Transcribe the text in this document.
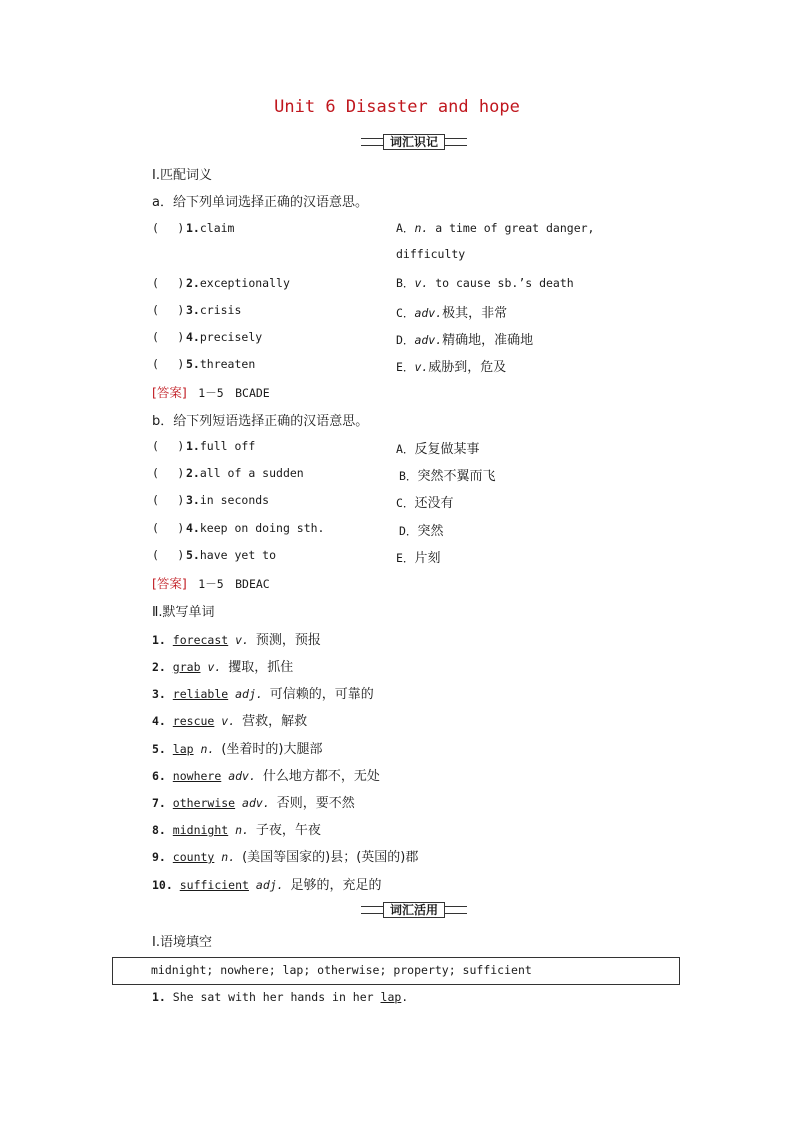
Unit 6 Disaster and hope
词汇识记
Ⅰ.匹配词义
a．给下列单词选择正确的汉语意思。
(　 ) 1.claim	A．n. a time of great danger,
difficulty
(　 ) 2.exceptionally	B．v. to cause sb.’s death
(　 ) 3.crisis	C．adv.极其，非常
(　 ) 4.precisely	D．adv.精确地，准确地
(　 ) 5.threaten	E．v.威胁到，危及
[答案]　 1－5　BCADE
b．给下列短语选择正确的汉语意思。
(　 ) 1.full off	A．反复做某事
(　 ) 2.all of a sudden	B．突然不翼而飞
(　 ) 3.in seconds	C．还没有
(　 ) 4.keep on doing sth.	D．突然
(　 ) 5.have yet to	E．片刻
[答案]　 1－5　BDEAC
Ⅱ.默写单词
1. forecast v. 预测，预报
2. grab v. 攫取，抓住
3. reliable adj. 可信赖的，可靠的
4. rescue v. 营救，解救
5. lap n. (坐着时的)大腿部
6. nowhere adv. 什么地方都不，无处
7. otherwise adv. 否则，要不然
8. midnight n. 子夜，午夜
9. county n. (美国等国家的)县；(英国的)郡
10. sufficient adj. 足够的，充足的
词汇活用
Ⅰ.语境填空
midnight; nowhere; lap; otherwise; property; sufficient
1. She sat with her hands in her lap.
